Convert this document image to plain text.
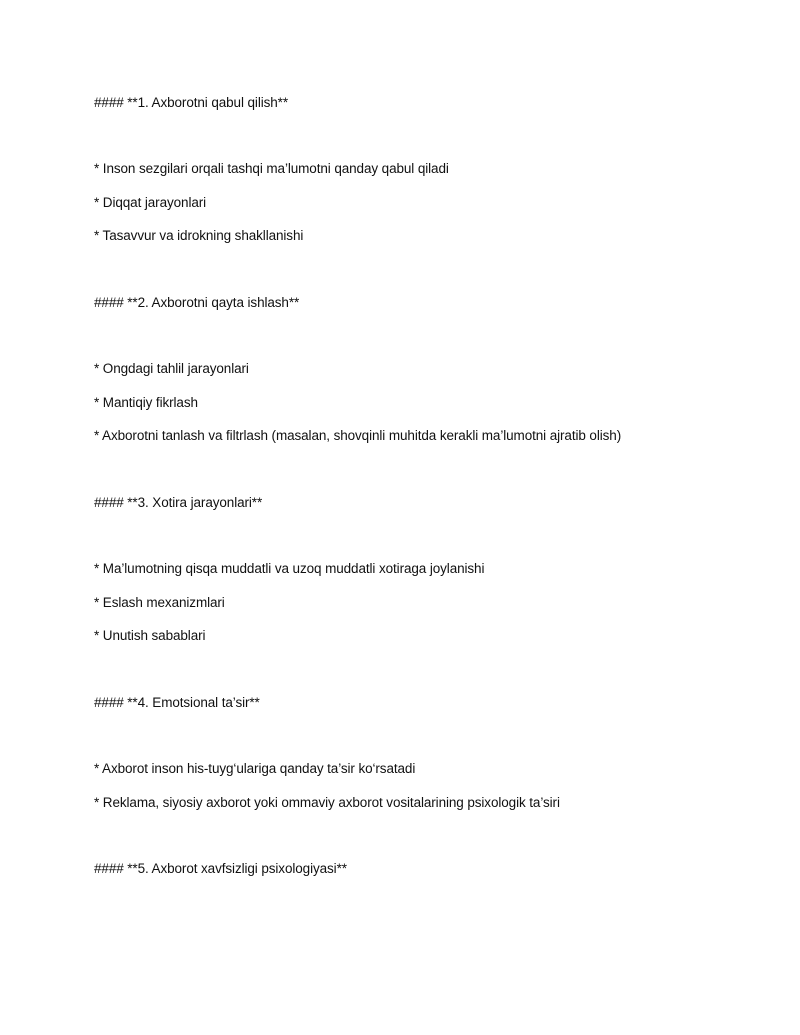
#### **1. Axborotni qabul qilish**
* Inson sezgilari orqali tashqi ma’lumotni qanday qabul qiladi
* Diqqat jarayonlari
* Tasavvur va idrokning shakllanishi
#### **2. Axborotni qayta ishlash**
* Ongdagi tahlil jarayonlari
* Mantiqiy fikrlash
* Axborotni tanlash va filtrlash (masalan, shovqinli muhitda kerakli ma’lumotni ajratib olish)
#### **3. Xotira jarayonlari**
* Ma’lumotning qisqa muddatli va uzoq muddatli xotiraga joylanishi
* Eslash mexanizmlari
* Unutish sabablari
#### **4. Emotsional ta’sir**
* Axborot inson his-tuyg‘ulariga qanday ta’sir ko‘rsatadi
* Reklama, siyosiy axborot yoki ommaviy axborot vositalarining psixologik ta’siri
#### **5. Axborot xavfsizligi psixologiyasi**
